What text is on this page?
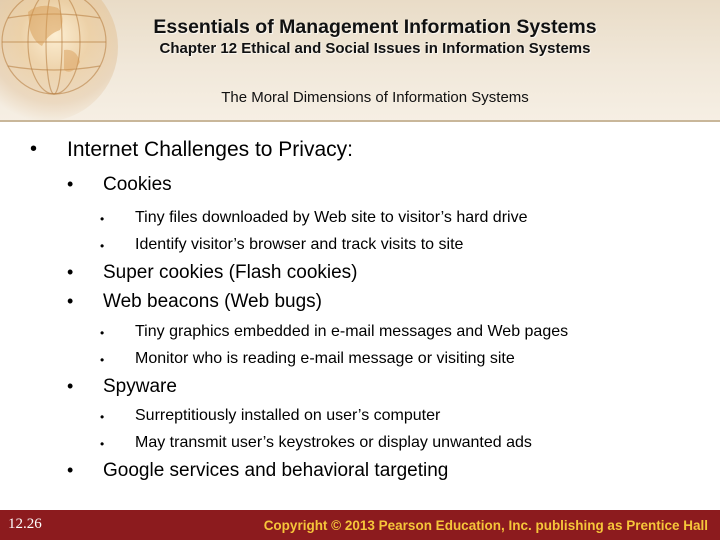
Essentials of Management Information Systems
Chapter 12 Ethical and Social Issues in Information Systems
The Moral Dimensions of Information Systems
• Internet Challenges to Privacy:
• Cookies
• Tiny files downloaded by Web site to visitor’s hard drive
• Identify visitor’s browser and track visits to site
• Super cookies (Flash cookies)
• Web beacons (Web bugs)
• Tiny graphics embedded in e-mail messages and Web pages
• Monitor who is reading e-mail message or visiting site
• Spyware
• Surreptitiously installed on user’s computer
• May transmit user’s keystrokes or display unwanted ads
• Google services and behavioral targeting
12.26	Copyright © 2013 Pearson Education, Inc. publishing as Prentice Hall
